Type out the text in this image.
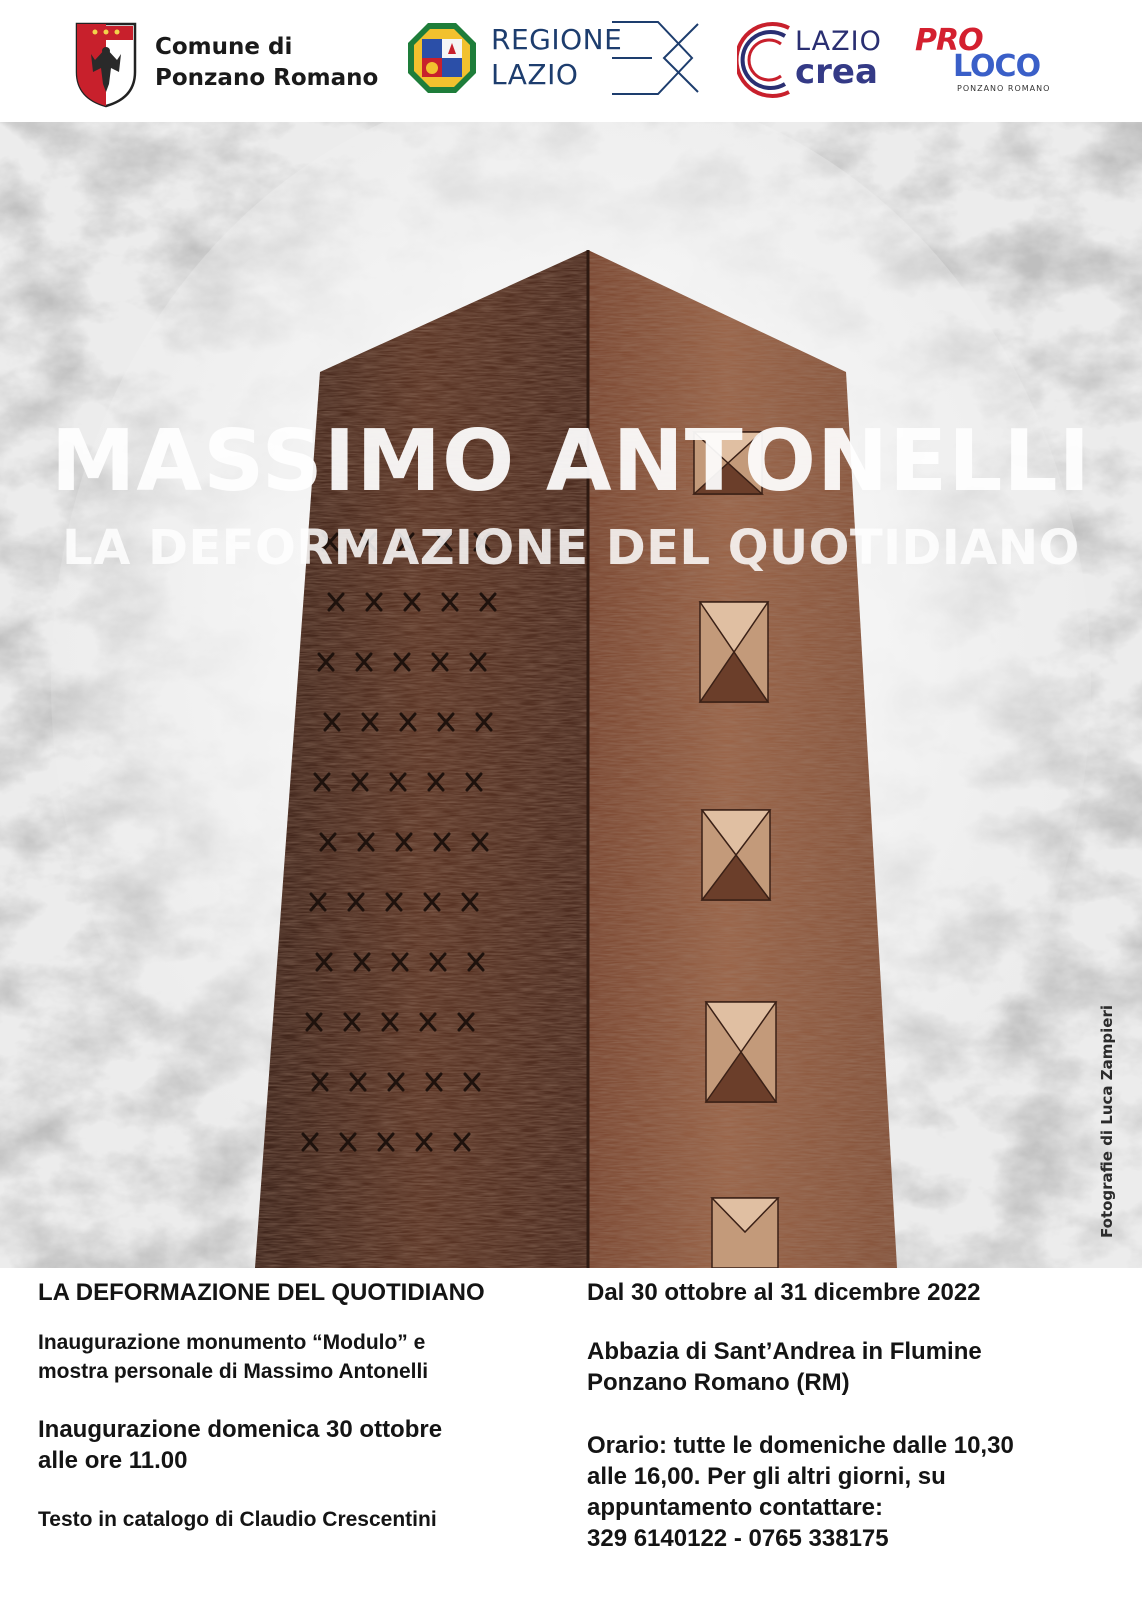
Comune di
Ponzano Romano
REGIONE
LAZIO
LAZIO
crea
PRO
LOCO
PONZANO ROMANO
MASSIMO ANTONELLI
LA DEFORMAZIONE DEL QUOTIDIANO
Fotografie di Luca Zampieri

LA DEFORMAZIONE DEL QUOTIDIANO

Inaugurazione monumento “Modulo” e

mostra personale di Massimo Antonelli

Inaugurazione domenica 30 ottobre

alle ore 11.00

Testo in catalogo di Claudio Crescentini

Dal 30 ottobre al 31 dicembre 2022

Abbazia di Sant’Andrea in Flumine

Ponzano Romano (RM)

Orario: tutte le domeniche dalle 10,30

alle 16,00. Per gli altri giorni, su

appuntamento contattare:

329 6140122 - 0765 338175
